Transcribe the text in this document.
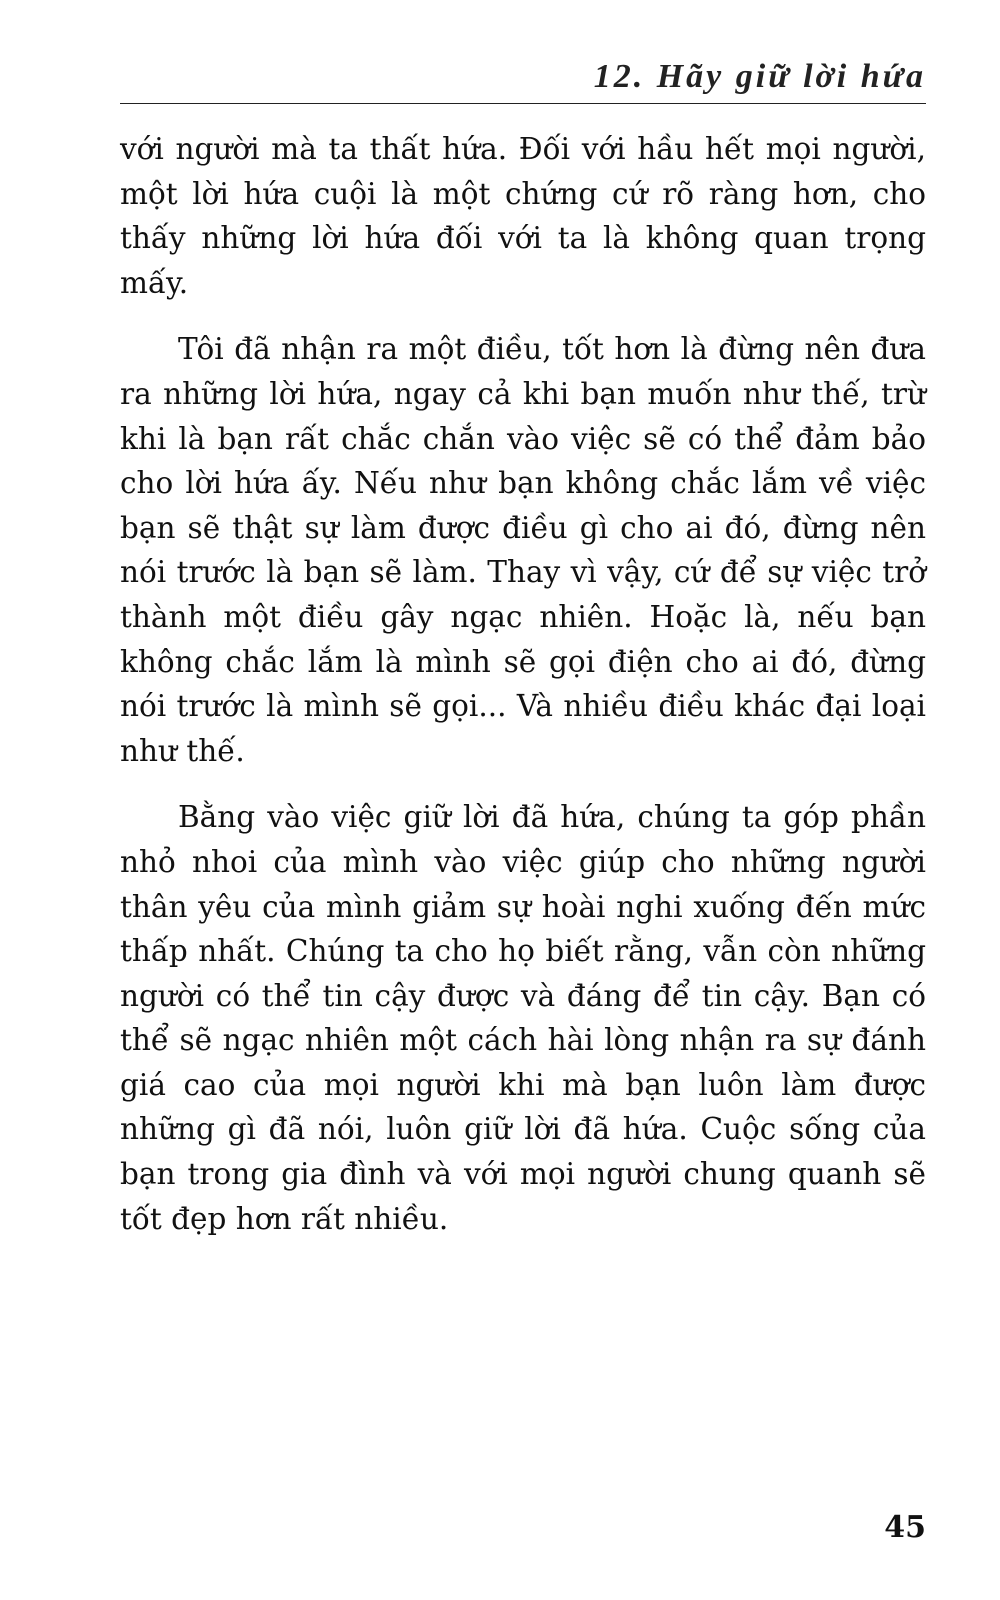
12. Hãy giữ lời hứa

với người mà ta thất hứa. Đối với hầu hết mọi người, một lời hứa cuội là một chứng cứ rõ ràng hơn, cho thấy những lời hứa đối với ta là không quan trọng mấy.

Tôi đã nhận ra một điều, tốt hơn là đừng nên đưa ra những lời hứa, ngay cả khi bạn muốn như thế, trừ khi là bạn rất chắc chắn vào việc sẽ có thể đảm bảo cho lời hứa ấy. Nếu như bạn không chắc lắm về việc bạn sẽ thật sự làm được điều gì cho ai đó, đừng nên nói trước là bạn sẽ làm. Thay vì vậy, cứ để sự việc trở thành một điều gây ngạc nhiên. Hoặc là, nếu bạn không chắc lắm là mình sẽ gọi điện cho ai đó, đừng nói trước là mình sẽ gọi... Và nhiều điều khác đại loại như thế.

Bằng vào việc giữ lời đã hứa, chúng ta góp phần nhỏ nhoi của mình vào việc giúp cho những người thân yêu của mình giảm sự hoài nghi xuống đến mức thấp nhất. Chúng ta cho họ biết rằng, vẫn còn những người có thể tin cậy được và đáng để tin cậy. Bạn có thể sẽ ngạc nhiên một cách hài lòng nhận ra sự đánh giá cao của mọi người khi mà bạn luôn làm được những gì đã nói, luôn giữ lời đã hứa. Cuộc sống của bạn trong gia đình và với mọi người chung quanh sẽ tốt đẹp hơn rất nhiều.

45
